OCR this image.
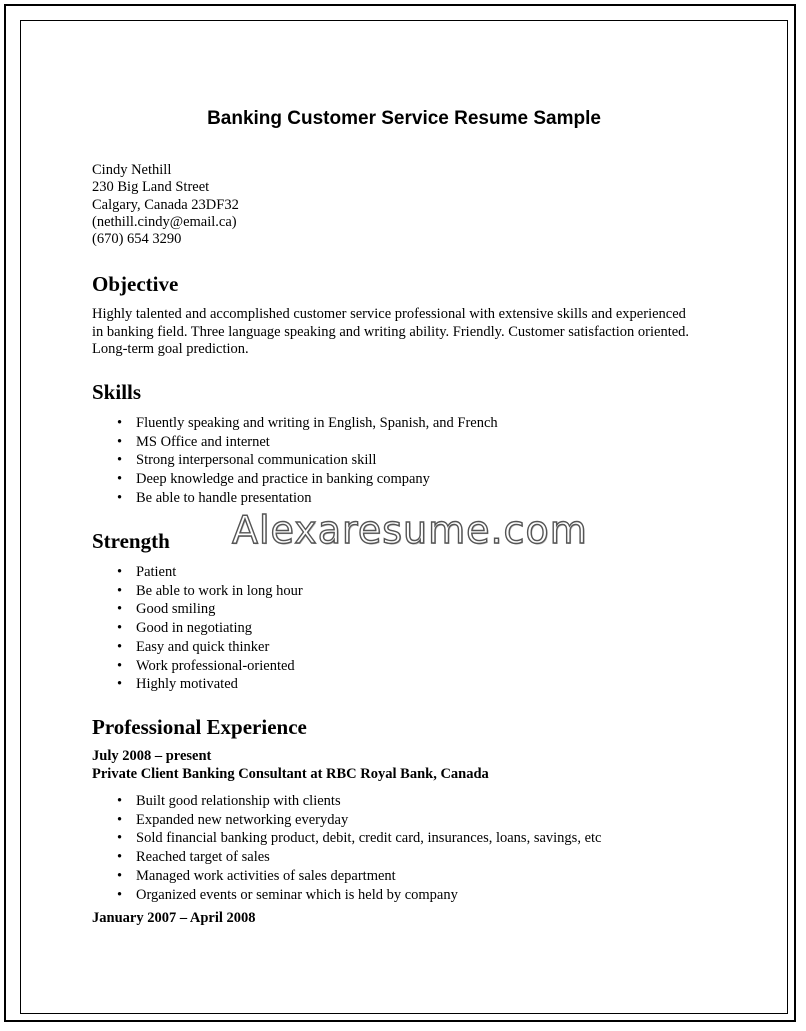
Banking Customer Service Resume Sample
Cindy Nethill
230 Big Land Street
Calgary, Canada 23DF32
(nethill.cindy@email.ca)
(670) 654 3290
Objective
Highly talented and accomplished customer service professional with extensive skills and experienced
in banking field. Three language speaking and writing ability. Friendly. Customer satisfaction oriented.
Long-term goal prediction.
Skills
• Fluently speaking and writing in English, Spanish, and French
• MS Office and internet
• Strong interpersonal communication skill
• Deep knowledge and practice in banking company
• Be able to handle presentation
Strength
• Patient
• Be able to work in long hour
• Good smiling
• Good in negotiating
• Easy and quick thinker
• Work professional-oriented
• Highly motivated
Professional Experience
July 2008 – present
Private Client Banking Consultant at RBC Royal Bank, Canada
• Built good relationship with clients
• Expanded new networking everyday
• Sold financial banking product, debit, credit card, insurances, loans, savings, etc
• Reached target of sales
• Managed work activities of sales department
• Organized events or seminar which is held by company
January 2007 – April 2008
Alexaresume.com
